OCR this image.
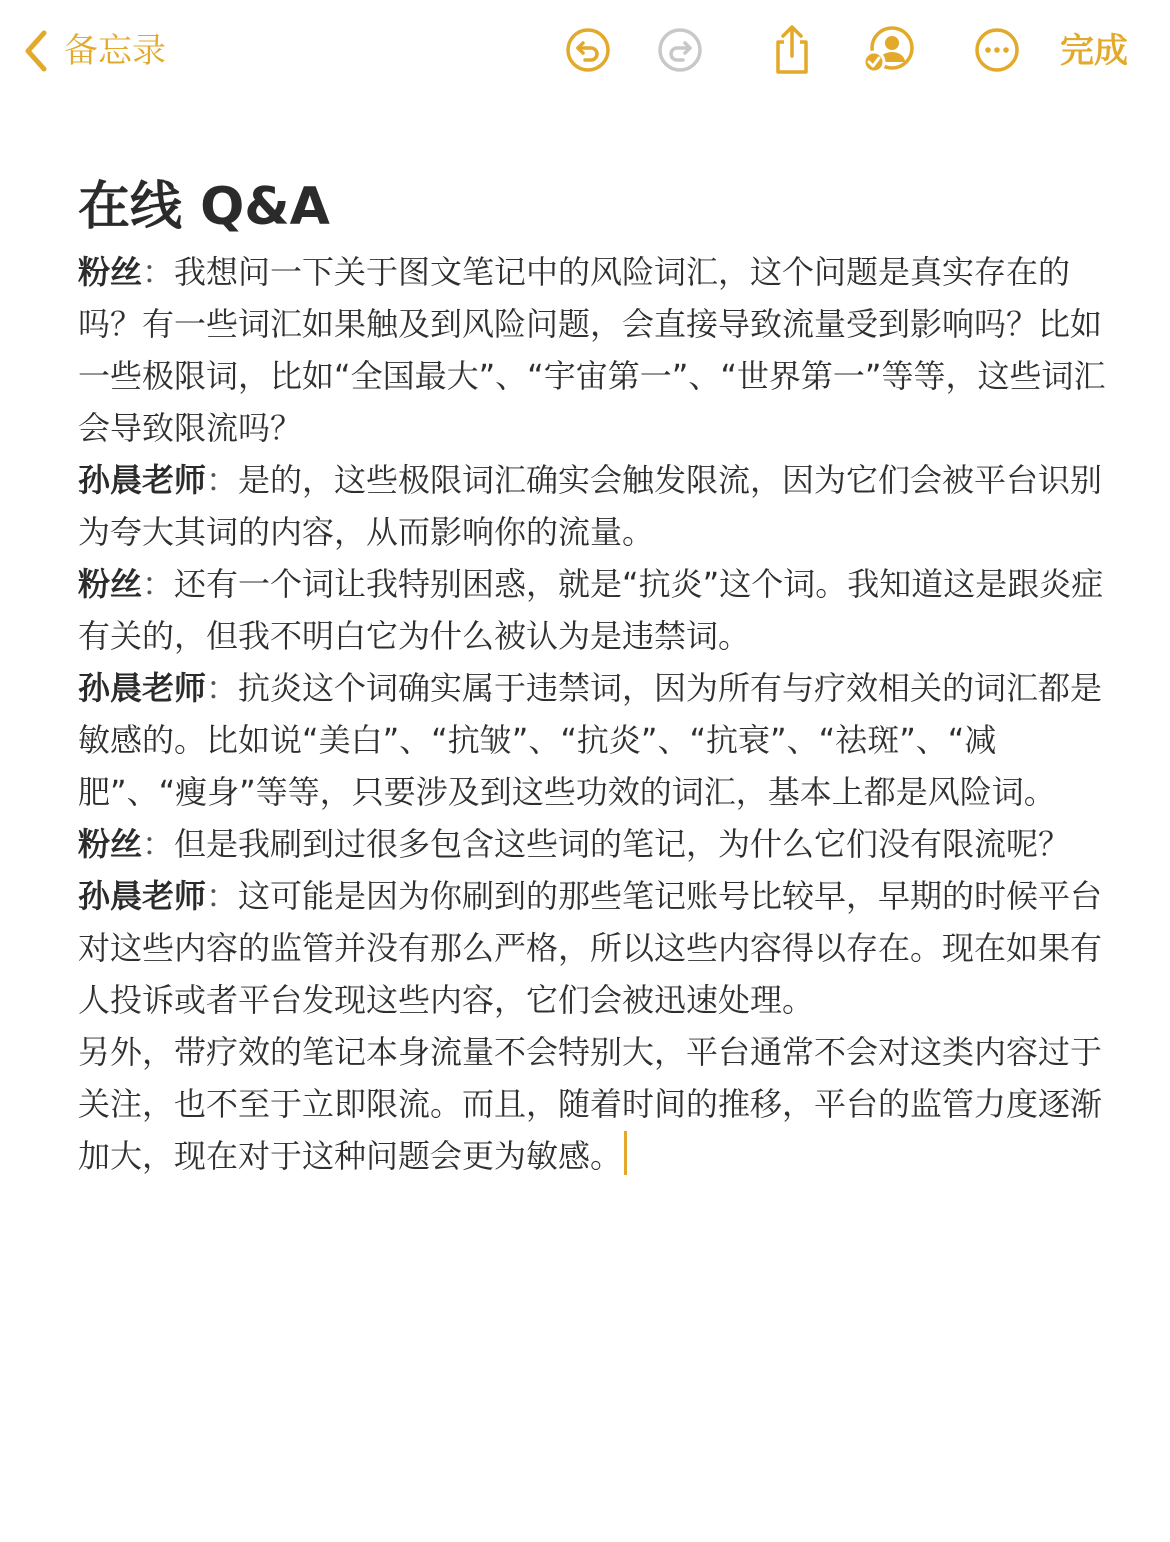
备忘录	完成
在线 Q&A

粉丝：我想问一下关于图文笔记中的风险词汇，这个问题是真实存在的吗？有一些词汇如果触及到风险问题，会直接导致流量受到影响吗？比如一些极限词，比如“全国最大”、“宇宙第一”、“世界第一”等等，这些词汇会导致限流吗？

孙晨老师：是的，这些极限词汇确实会触发限流，因为它们会被平台识别为夸大其词的内容，从而影响你的流量。

粉丝：还有一个词让我特别困惑，就是“抗炎”这个词。我知道这是跟炎症有关的，但我不明白它为什么被认为是违禁词。

孙晨老师：抗炎这个词确实属于违禁词，因为所有与疗效相关的词汇都是敏感的。比如说“美白”、“抗皱”、“抗炎”、“抗衰”、“祛斑”、“减肥”、“瘦身”等等，只要涉及到这些功效的词汇，基本上都是风险词。

粉丝：但是我刷到过很多包含这些词的笔记，为什么它们没有限流呢？

孙晨老师：这可能是因为你刷到的那些笔记账号比较早，早期的时候平台对这些内容的监管并没有那么严格，所以这些内容得以存在。现在如果有人投诉或者平台发现这些内容，它们会被迅速处理。

另外，带疗效的笔记本身流量不会特别大，平台通常不会对这类内容过于关注，也不至于立即限流。而且，随着时间的推移，平台的监管力度逐渐加大，现在对于这种问题会更为敏感。
